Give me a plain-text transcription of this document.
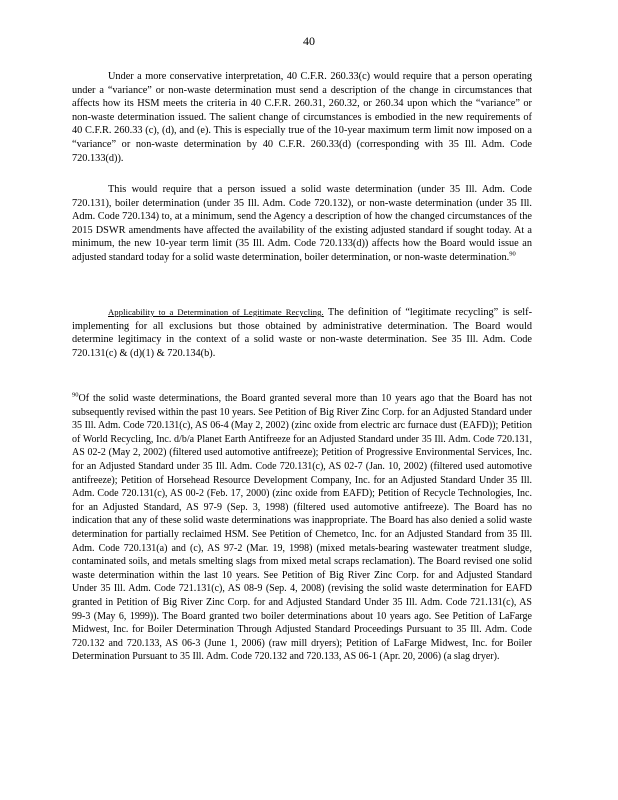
40

Under a more conservative interpretation, 40 C.F.R. 260.33(c) would require that a person operating under a “variance” or non-waste determination must send a description of the change in circumstances that affects how its HSM meets the criteria in 40 C.F.R. 260.31, 260.32, or 260.34 upon which the “variance” or non-waste determination issued. The salient change of circumstances is embodied in the new requirements of 40 C.F.R. 260.33 (c), (d), and (e). This is especially true of the 10-year maximum term limit now imposed on a “variance” or non-waste determination by 40 C.F.R. 260.33(d) (corresponding with 35 Ill. Adm. Code 720.133(d)).

This would require that a person issued a solid waste determination (under 35 Ill. Adm. Code 720.131), boiler determination (under 35 Ill. Adm. Code 720.132), or non-waste determination (under 35 Ill. Adm. Code 720.134) to, at a minimum, send the Agency a description of how the changed circumstances of the 2015 DSWR amendments have affected the availability of the existing adjusted standard if sought today. At a minimum, the new 10-year term limit (35 Ill. Adm. Code 720.133(d)) affects how the Board would issue an adjusted standard today for a solid waste determination, boiler determination, or non-waste determination.$^{90}$

Applicability to a Determination of Legitimate Recycling. The definition of “legitimate recycling” is self-implementing for all exclusions but those obtained by administrative determination. The Board would determine legitimacy in the context of a solid waste or non-waste determination. See 35 Ill. Adm. Code 720.131(c) & (d)(1) & 720.134(b).

$^{90}$Of the solid waste determinations, the Board granted several more than 10 years ago that the Board has not subsequently revised within the past 10 years. See Petition of Big River Zinc Corp. for an Adjusted Standard under 35 Ill. Adm. Code 720.131(c), AS 06-4 (May 2, 2002) (zinc oxide from electric arc furnace dust (EAFD)); Petition of World Recycling, Inc. d/b/a Planet Earth Antifreeze for an Adjusted Standard under 35 Ill. Adm. Code 720.131, AS 02-2 (May 2, 2002) (filtered used automotive antifreeze); Petition of Progressive Environmental Services, Inc. for an Adjusted Standard under 35 Ill. Adm. Code 720.131(c), AS 02-7 (Jan. 10, 2002) (filtered used automotive antifreeze); Petition of Horsehead Resource Development Company, Inc. for an Adjusted Standard Under 35 Ill. Adm. Code 720.131(c), AS 00-2 (Feb. 17, 2000) (zinc oxide from EAFD); Petition of Recycle Technologies, Inc. for an Adjusted Standard, AS 97-9 (Sep. 3, 1998) (filtered used automotive antifreeze). The Board has no indication that any of these solid waste determinations was inappropriate. The Board has also denied a solid waste determination for partially reclaimed HSM. See Petition of Chemetco, Inc. for an Adjusted Standard from 35 Ill. Adm. Code 720.131(a) and (c), AS 97-2 (Mar. 19, 1998) (mixed metals-bearing wastewater treatment sludge, contaminated soils, and metals smelting slags from mixed metal scraps reclamation). The Board revised one solid waste determination within the last 10 years. See Petition of Big River Zinc Corp. for and Adjusted Standard Under 35 Ill. Adm. Code 721.131(c), AS 08-9 (Sep. 4, 2008) (revising the solid waste determination for EAFD granted in Petition of Big River Zinc Corp. for and Adjusted Standard Under 35 Ill. Adm. Code 721.131(c), AS 99-3 (May 6, 1999)). The Board granted two boiler determinations about 10 years ago. See Petition of LaFarge Midwest, Inc. for Boiler Determination Through Adjusted Standard Proceedings Pursuant to 35 Ill. Adm. Code 720.132 and 720.133, AS 06-3 (June 1, 2006) (raw mill dryers); Petition of LaFarge Midwest, Inc. for Boiler Determination Pursuant to 35 Ill. Adm. Code 720.132 and 720.133, AS 06-1 (Apr. 20, 2006) (a slag dryer).
